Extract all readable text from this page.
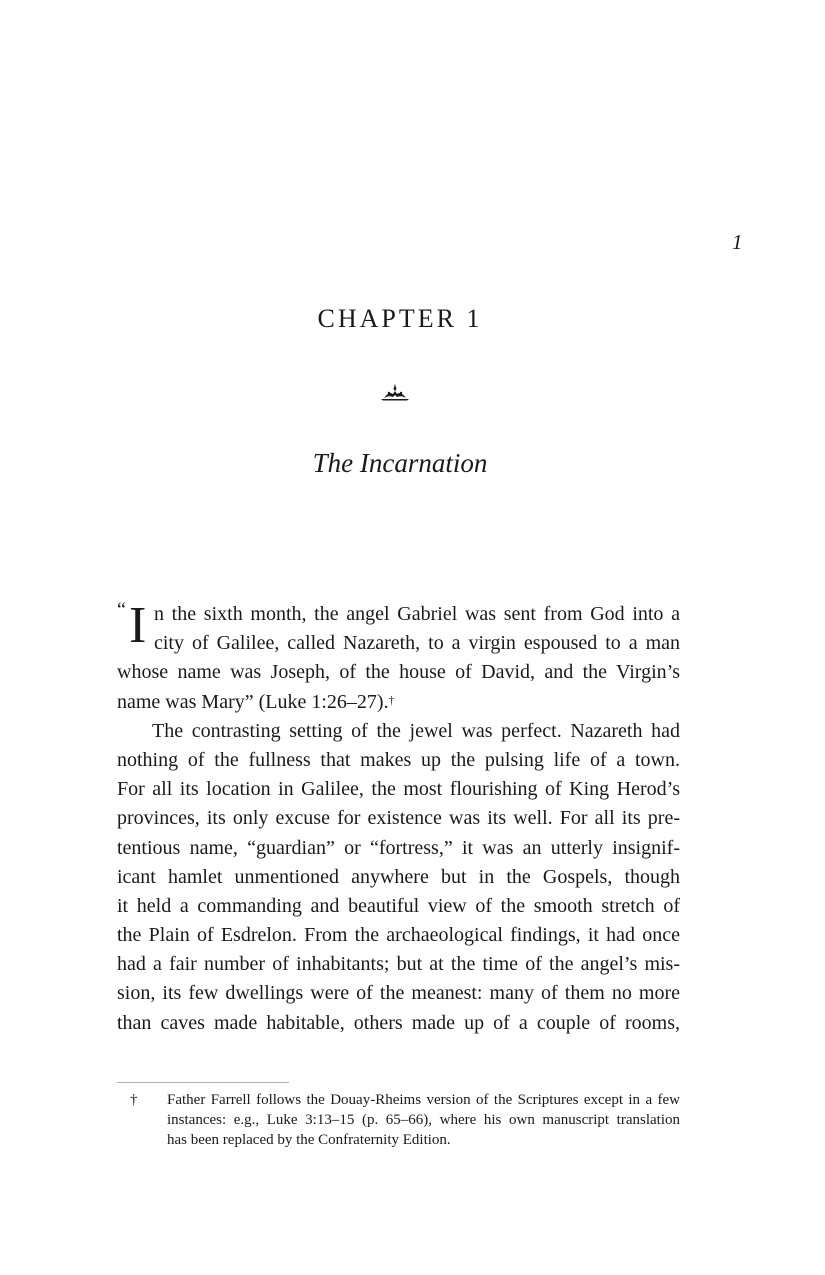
1
CHAPTER 1
The Incarnation
“ I n the sixth month, the angel Gabriel was sent from God into a
city of Galilee, called Nazareth, to a virgin espoused to a man
whose name was Joseph, of the house of David, and the Virgin’s
name was Mary” (Luke 1:26–27).†
The contrasting setting of the jewel was perfect. Nazareth had
nothing of the fullness that makes up the pulsing life of a town.
For all its location in Galilee, the most flourishing of King Herod’s
provinces, its only excuse for existence was its well. For all its pre-
tentious name, “guardian” or “fortress,” it was an utterly insignif-
icant hamlet unmentioned anywhere but in the Gospels, though
it held a commanding and beautiful view of the smooth stretch of
the Plain of Esdrelon. From the archaeological findings, it had once
had a fair number of inhabitants; but at the time of the angel’s mis-
sion, its few dwellings were of the meanest: many of them no more
than caves made habitable, others made up of a couple of rooms,
† Father Farrell follows the Douay-Rheims version of the Scriptures except in a few
instances: e.g., Luke 3:13–15 (p. 65–66), where his own manuscript translation
has been replaced by the Confraternity Edition.
